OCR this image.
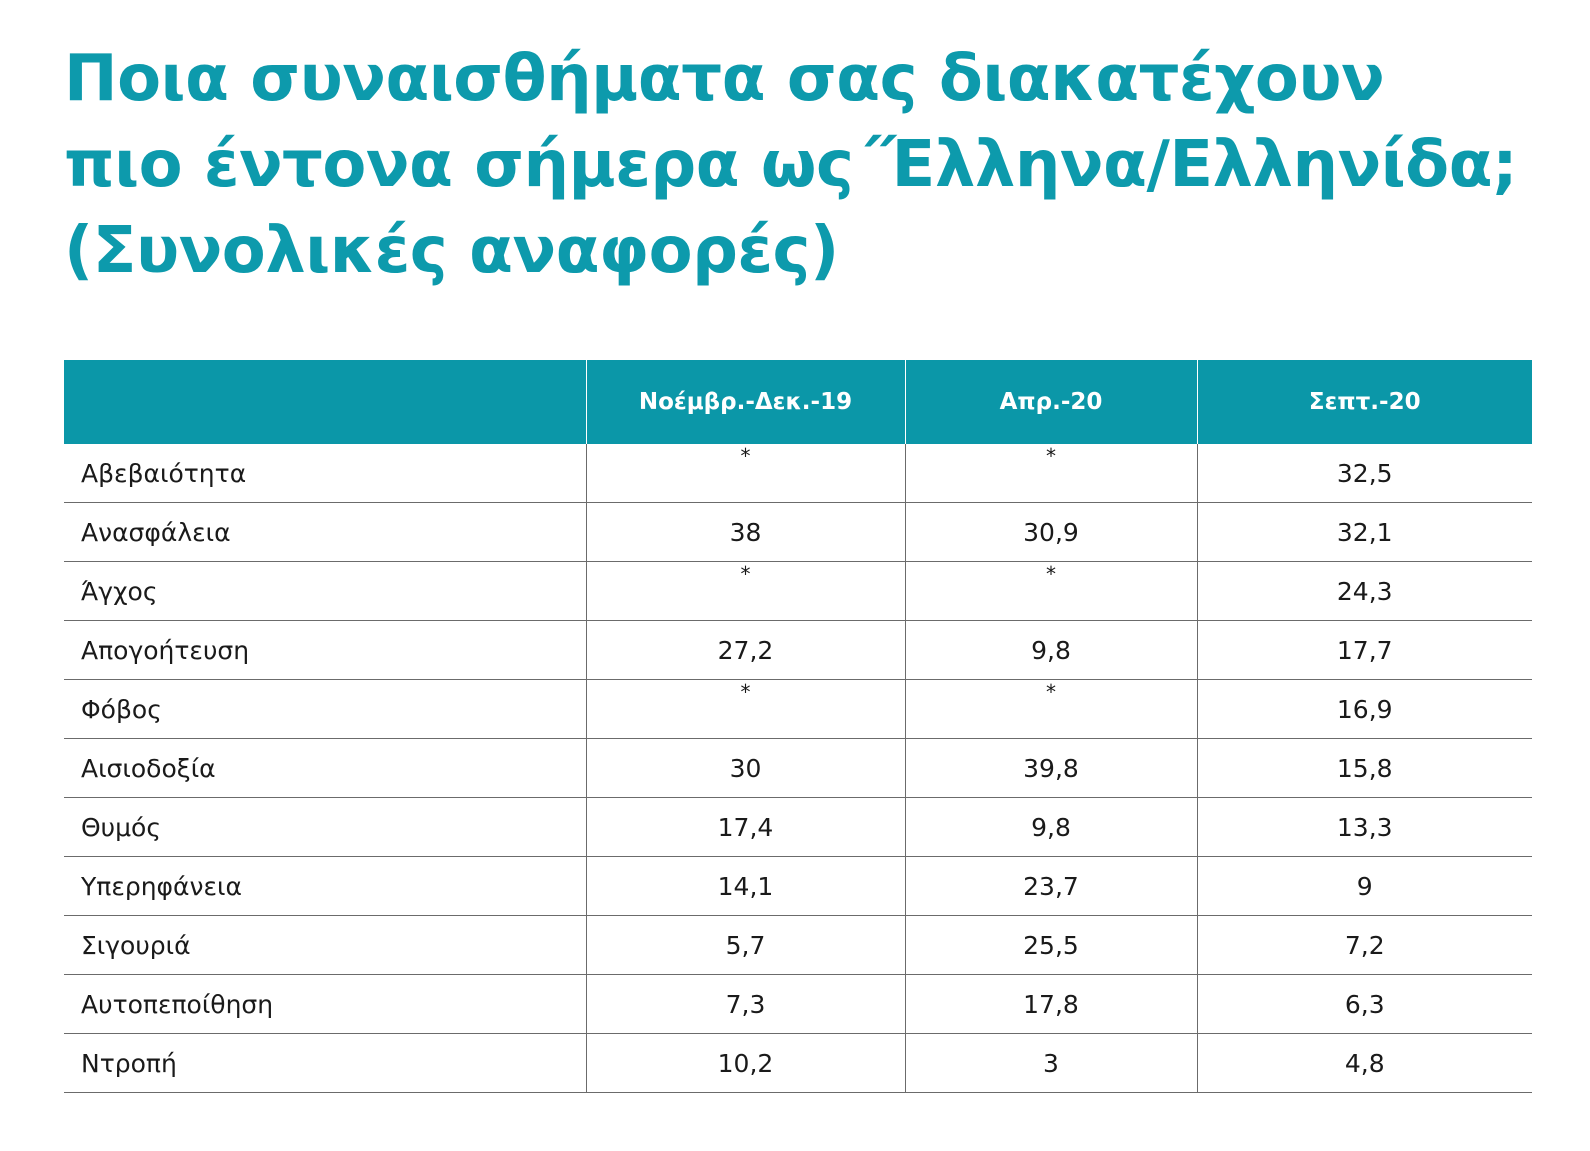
Ποια συναισθήματα σας διακατέχουν
πιο έντονα σήμερα ως΄Έλληνα/Ελληνίδα;
(Συνολικές αναφορές)
	Νοέμβρ.-Δεκ.-19	Απρ.-20	Σεπτ.-20
Αβεβαιότητα	*	*	32,5
Ανασφάλεια	38	30,9	32,1
Άγχος	*	*	24,3
Απογοήτευση	27,2	9,8	17,7
Φόβος	*	*	16,9
Αισιοδοξία	30	39,8	15,8
Θυμός	17,4	9,8	13,3
Υπερηφάνεια	14,1	23,7	9
Σιγουριά	5,7	25,5	7,2
Αυτοπεποίθηση	7,3	17,8	6,3
Ντροπή	10,2	3	4,8
